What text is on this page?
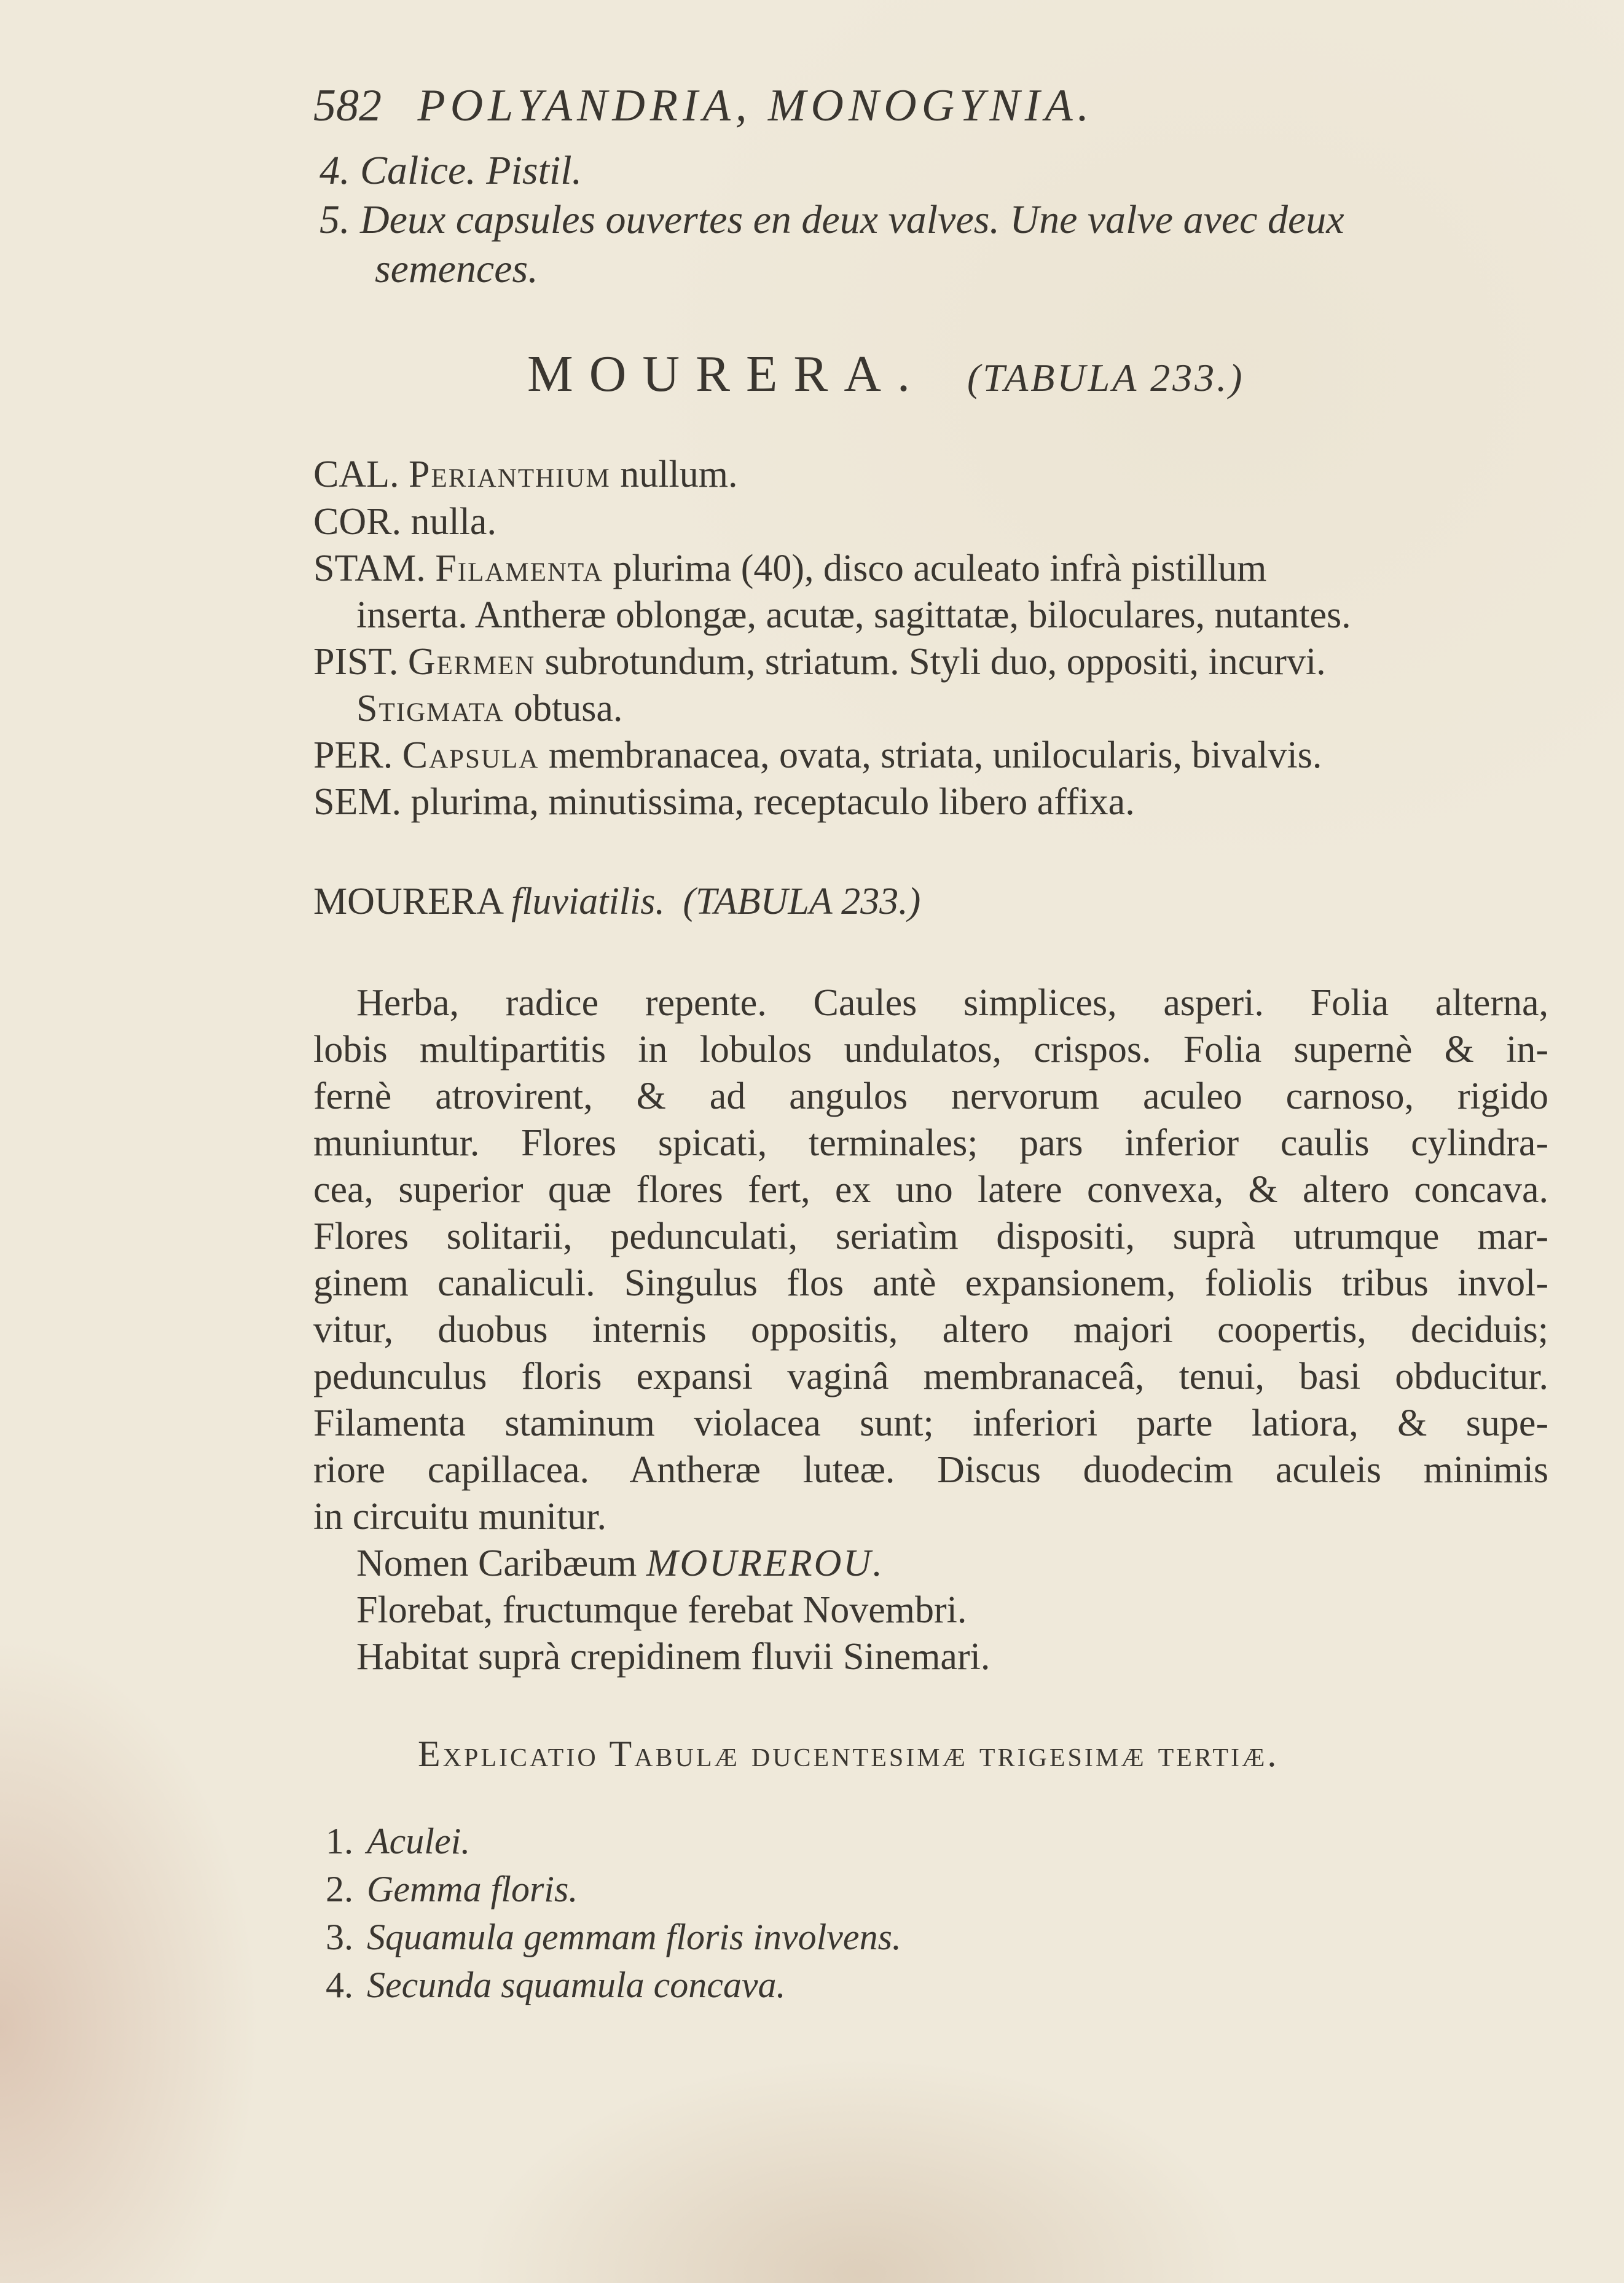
582 POLYANDRIA, MONOGYNIA.
4. Calice. Pistil.
5. Deux capsules ouvertes en deux valves. Une valve avec deux
semences.
MOURERA. (TABULA 233.)
CAL. Perianthium nullum.
COR. nulla.
STAM. Filamenta plurima (40), disco aculeato infrà pistillum
inserta. Antheræ oblongæ, acutæ, sagittatæ, biloculares, nutantes.
PIST. Germen subrotundum, striatum. Styli duo, oppositi, incurvi.
Stigmata obtusa.
PER. Capsula membranacea, ovata, striata, unilocularis, bivalvis.
SEM. plurima, minutissima, receptaculo libero affixa.
MOURERA fluviatilis. (TABULA 233.)
Herba, radice repente. Caules simplices, asperi. Folia alterna,
lobis multipartitis in lobulos undulatos, crispos. Folia supernè & in-
fernè atrovirent, & ad angulos nervorum aculeo carnoso, rigido
muniuntur. Flores spicati, terminales; pars inferior caulis cylindra-
cea, superior quæ flores fert, ex uno latere convexa, & altero concava.
Flores solitarii, pedunculati, seriatìm dispositi, suprà utrumque mar-
ginem canaliculi. Singulus flos antè expansionem, foliolis tribus invol-
vitur, duobus internis oppositis, altero majori coopertis, deciduis;
pedunculus floris expansi vaginâ membranaceâ, tenui, basi obducitur.
Filamenta staminum violacea sunt; inferiori parte latiora, & supe-
riore capillacea. Antheræ luteæ. Discus duodecim aculeis minimis
in circuitu munitur.
Nomen Caribæum MOUREROU.
Florebat, fructumque ferebat Novembri.
Habitat suprà crepidinem fluvii Sinemari.
Explicatio Tabulæ ducentesimæ trigesimæ tertiæ.
1. Aculei.
2. Gemma floris.
3. Squamula gemmam floris involvens.
4. Secunda squamula concava.
